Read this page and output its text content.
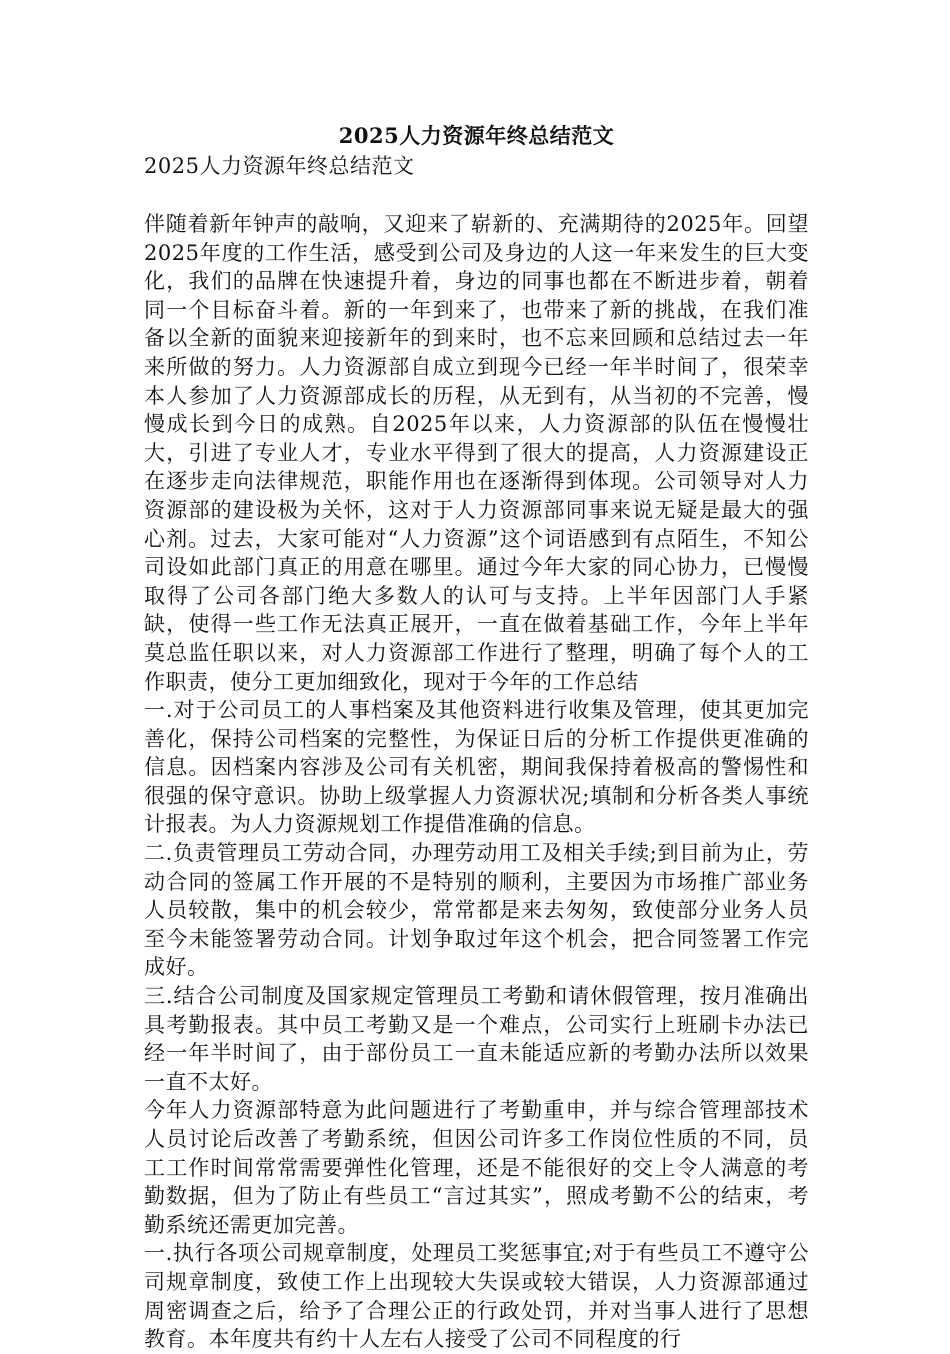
2025人力资源年终总结范文

2025人力资源年终总结范文

伴随着新年钟声的敲响，又迎来了崭新的、充满期待的2025年。回望2025年度的工作生活，感受到公司及身边的人这一年来发生的巨大变化，我们的品牌在快速提升着，身边的同事也都在不断进步着，朝着同一个目标奋斗着。新的一年到来了，也带来了新的挑战，在我们准备以全新的面貌来迎接新年的到来时，也不忘来回顾和总结过去一年来所做的努力。人力资源部自成立到现今已经一年半时间了，很荣幸本人参加了人力资源部成长的历程，从无到有，从当初的不完善，慢慢成长到今日的成熟。自2025年以来，人力资源部的队伍在慢慢壮大，引进了专业人才，专业水平得到了很大的提高，人力资源建设正在逐步走向法律规范，职能作用也在逐渐得到体现。公司领导对人力资源部的建设极为关怀，这对于人力资源部同事来说无疑是最大的强心剂。过去，大家可能对“人力资源”这个词语感到有点陌生，不知公司设如此部门真正的用意在哪里。通过今年大家的同心协力，已慢慢取得了公司各部门绝大多数人的认可与支持。上半年因部门人手紧缺，使得一些工作无法真正展开，一直在做着基础工作，今年上半年莫总监任职以来，对人力资源部工作进行了整理，明确了每个人的工作职责，使分工更加细致化，现对于今年的工作总结

一.对于公司员工的人事档案及其他资料进行收集及管理，使其更加完善化，保持公司档案的完整性，为保证日后的分析工作提供更准确的信息。因档案内容涉及公司有关机密，期间我保持着极高的警惕性和很强的保守意识。协助上级掌握人力资源状况;填制和分析各类人事统计报表。为人力资源规划工作提借准确的信息。

二.负责管理员工劳动合同，办理劳动用工及相关手续;到目前为止，劳动合同的签属工作开展的不是特别的顺利，主要因为市场推广部业务人员较散，集中的机会较少，常常都是来去匆匆，致使部分业务人员至今未能签署劳动合同。计划争取过年这个机会，把合同签署工作完成好。

三.结合公司制度及国家规定管理员工考勤和请休假管理，按月准确出具考勤报表。其中员工考勤又是一个难点，公司实行上班刷卡办法已经一年半时间了，由于部份员工一直未能适应新的考勤办法所以效果一直不太好。

今年人力资源部特意为此问题进行了考勤重申，并与综合管理部技术人员讨论后改善了考勤系统，但因公司许多工作岗位性质的不同，员工工作时间常常需要弹性化管理，还是不能很好的交上令人满意的考勤数据，但为了防止有些员工“言过其实”，照成考勤不公的结束，考勤系统还需更加完善。

一.执行各项公司规章制度，处理员工奖惩事宜;对于有些员工不遵守公司规章制度，致使工作上出现较大失误或较大错误，人力资源部通过周密调查之后，给予了合理公正的行政处罚，并对当事人进行了思想教育。本年度共有约十人左右人接受了公司不同程度的行
